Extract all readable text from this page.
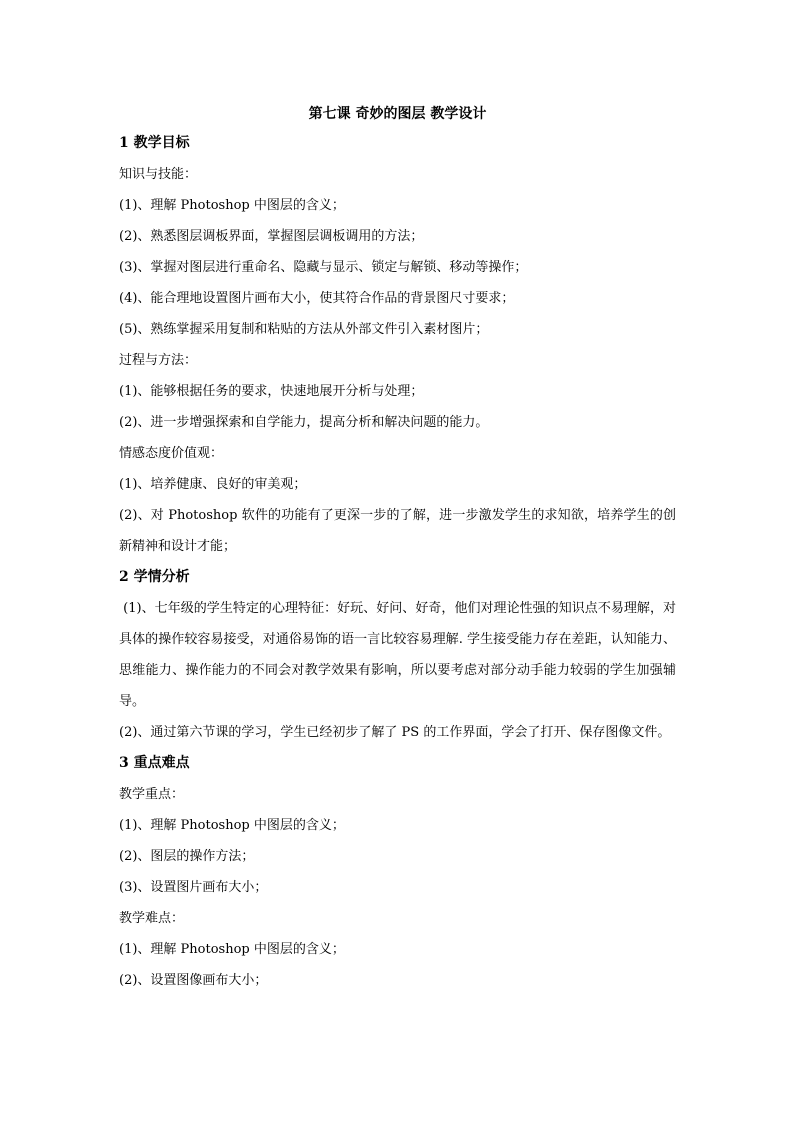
第七课 奇妙的图层 教学设计

1 教学目标

知识与技能：

(1)、理解 Photoshop 中图层的含义；

(2)、熟悉图层调板界面，掌握图层调板调用的方法；

(3)、掌握对图层进行重命名、隐藏与显示、锁定与解锁、移动等操作；

(4)、能合理地设置图片画布大小，使其符合作品的背景图尺寸要求；

(5)、熟练掌握采用复制和粘贴的方法从外部文件引入素材图片；

过程与方法：

(1)、能够根据任务的要求，快速地展开分析与处理；

(2)、进一步增强探索和自学能力，提高分析和解决问题的能力。

情感态度价值观：

(1)、培养健康、良好的审美观；

(2)、对 Photoshop 软件的功能有了更深一步的了解，进一步激发学生的求知欲，培养学生的创新精神和设计才能；

2 学情分析

(1)、七年级的学生特定的心理特征：好玩、好问、好奇，他们对理论性强的知识点不易理解，对具体的操作较容易接受，对通俗易饰的语一言比较容易理解. 学生接受能力存在差距，认知能力、思维能力、操作能力的不同会对教学效果有影响，所以要考虑对部分动手能力较弱的学生加强辅导。

(2)、通过第六节课的学习，学生已经初步了解了 PS 的工作界面，学会了打开、保存图像文件。

3 重点难点

教学重点：

(1)、理解 Photoshop 中图层的含义；

(2)、图层的操作方法；

(3)、设置图片画布大小；

教学难点：

(1)、理解 Photoshop 中图层的含义；

(2)、设置图像画布大小；
